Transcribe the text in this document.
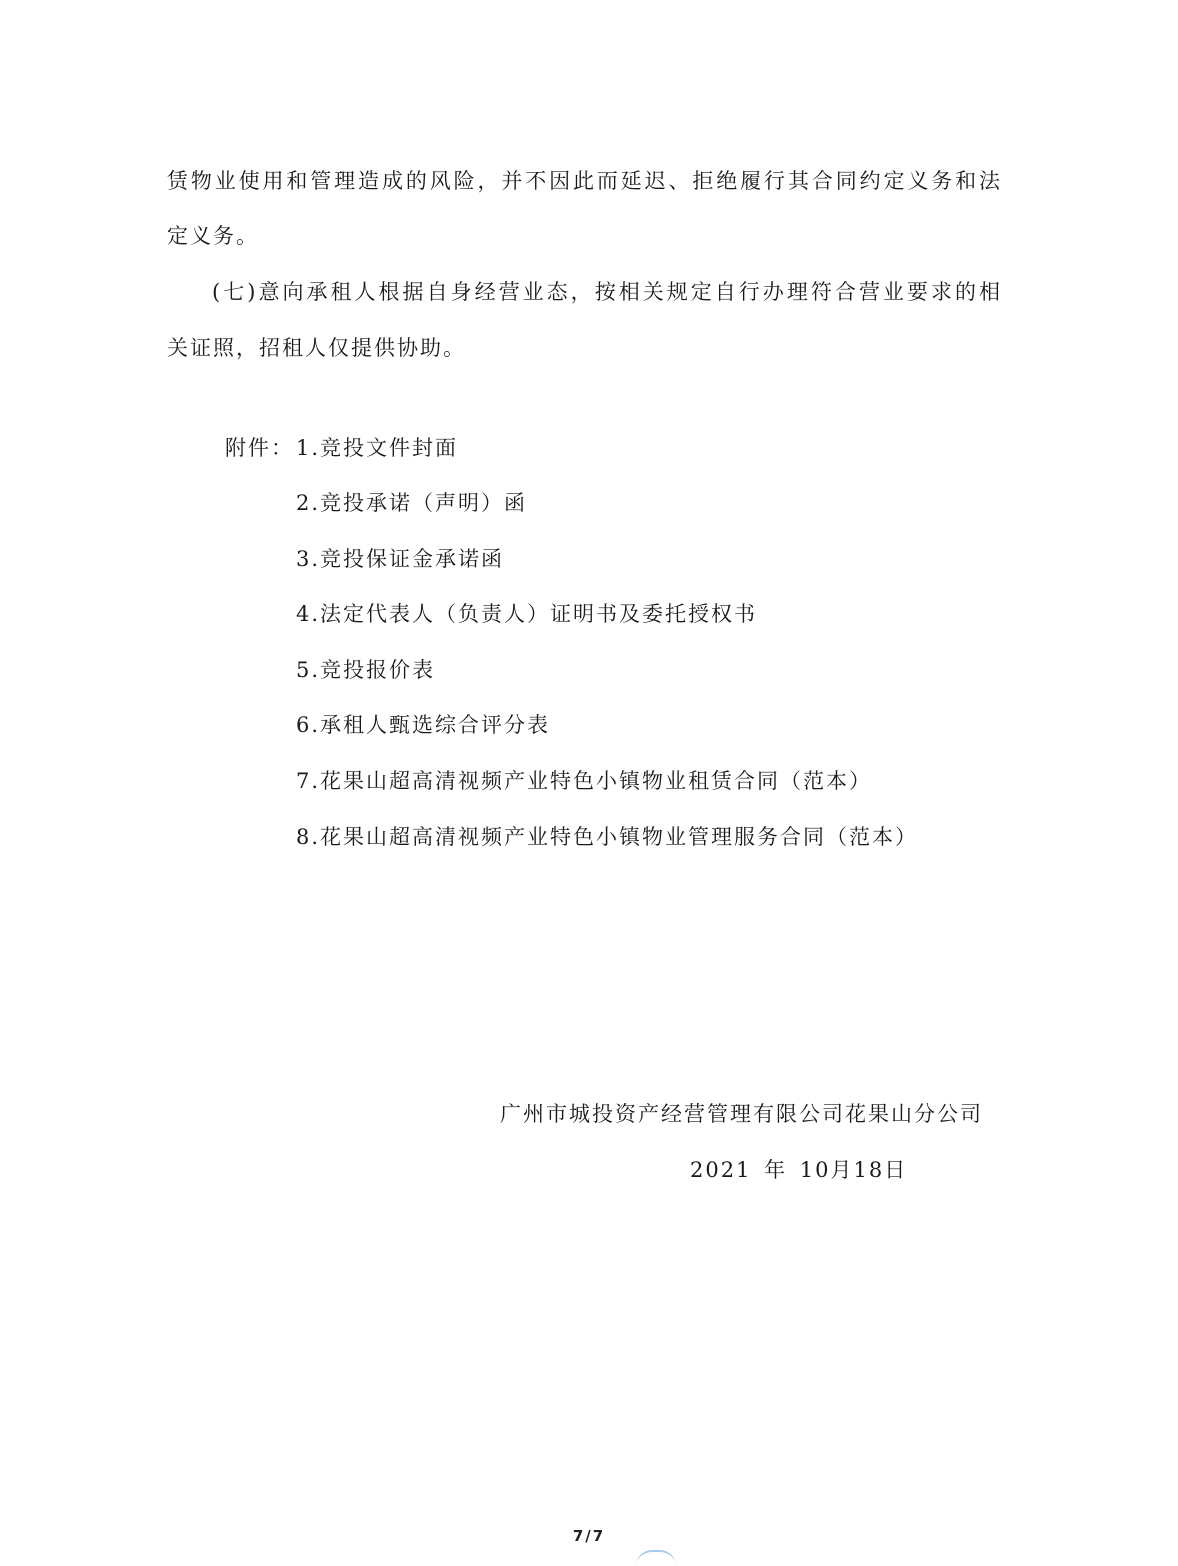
赁物业使用和管理造成的风险，并不因此而延迟、拒绝履行其合同约定义务和法
定义务。
(七)意向承租人根据自身经营业态，按相关规定自行办理符合营业要求的相
关证照，招租人仅提供协助。
附件： 1.竞投文件封面
2.竞投承诺（声明）函
3.竞投保证金承诺函
4.法定代表人（负责人）证明书及委托授权书
5.竞投报价表
6.承租人甄选综合评分表
7.花果山超高清视频产业特色小镇物业租赁合同（范本）
8.花果山超高清视频产业特色小镇物业管理服务合同（范本）
广州市城投资产经营管理有限公司花果山分公司
2021 年 10月18日
7/7
